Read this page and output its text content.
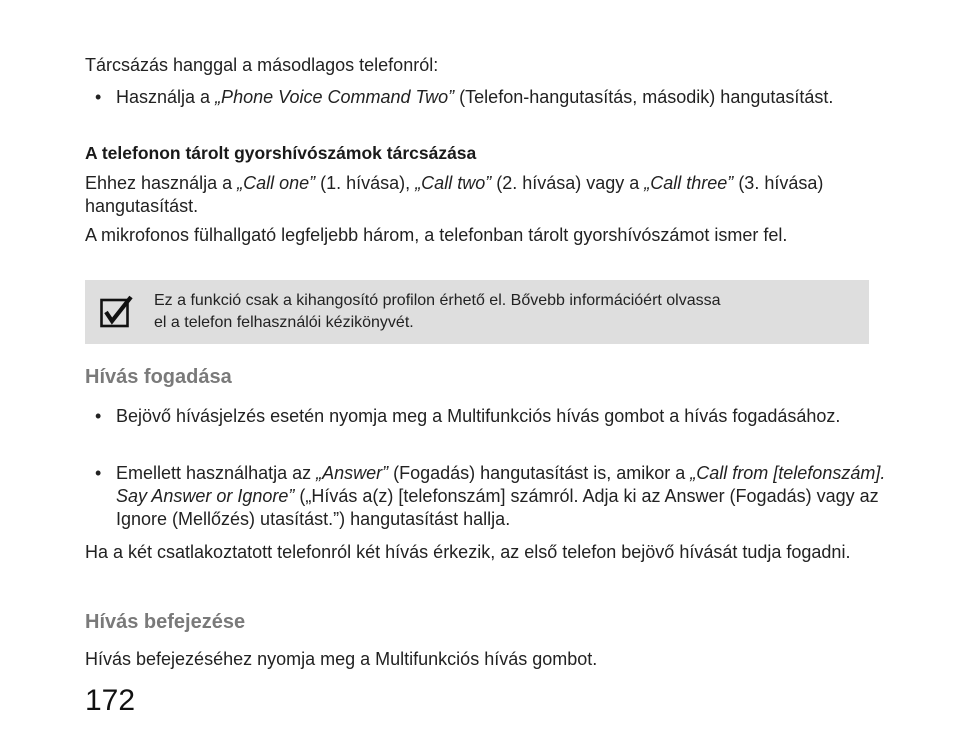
Tárcsázás hanggal a másodlagos telefonról:

• Használja a „Phone Voice Command Two” (Telefon-hangutasítás, második) hangutasítást.

A telefonon tárolt gyorshívószámok tárcsázása

Ehhez használja a „Call one” (1. hívása), „Call two” (2. hívása) vagy a „Call three” (3. hívása) hangutasítást.

A mikrofonos fülhallgató legfeljebb három, a telefonban tárolt gyorshívószámot ismer fel.

Ez a funkció csak a kihangosító profilon érhető el. Bővebb információért olvassa
el a telefon felhasználói kézikönyvét.
Hívás fogadása

• Bejövő hívásjelzés esetén nyomja meg a Multifunkciós hívás gombot a hívás fogadásához.

• Emellett használhatja az „Answer” (Fogadás) hangutasítást is, amikor a „Call from [telefonszám]. Say Answer or Ignore” („Hívás a(z) [telefonszám] számról. Adja ki az Answer (Fogadás) vagy az Ignore (Mellőzés) utasítást.”) hangutasítást hallja.

Ha a két csatlakoztatott telefonról két hívás érkezik, az első telefon bejövő hívását tudja fogadni.

Hívás befejezése

Hívás befejezéséhez nyomja meg a Multifunkciós hívás gombot.

172
